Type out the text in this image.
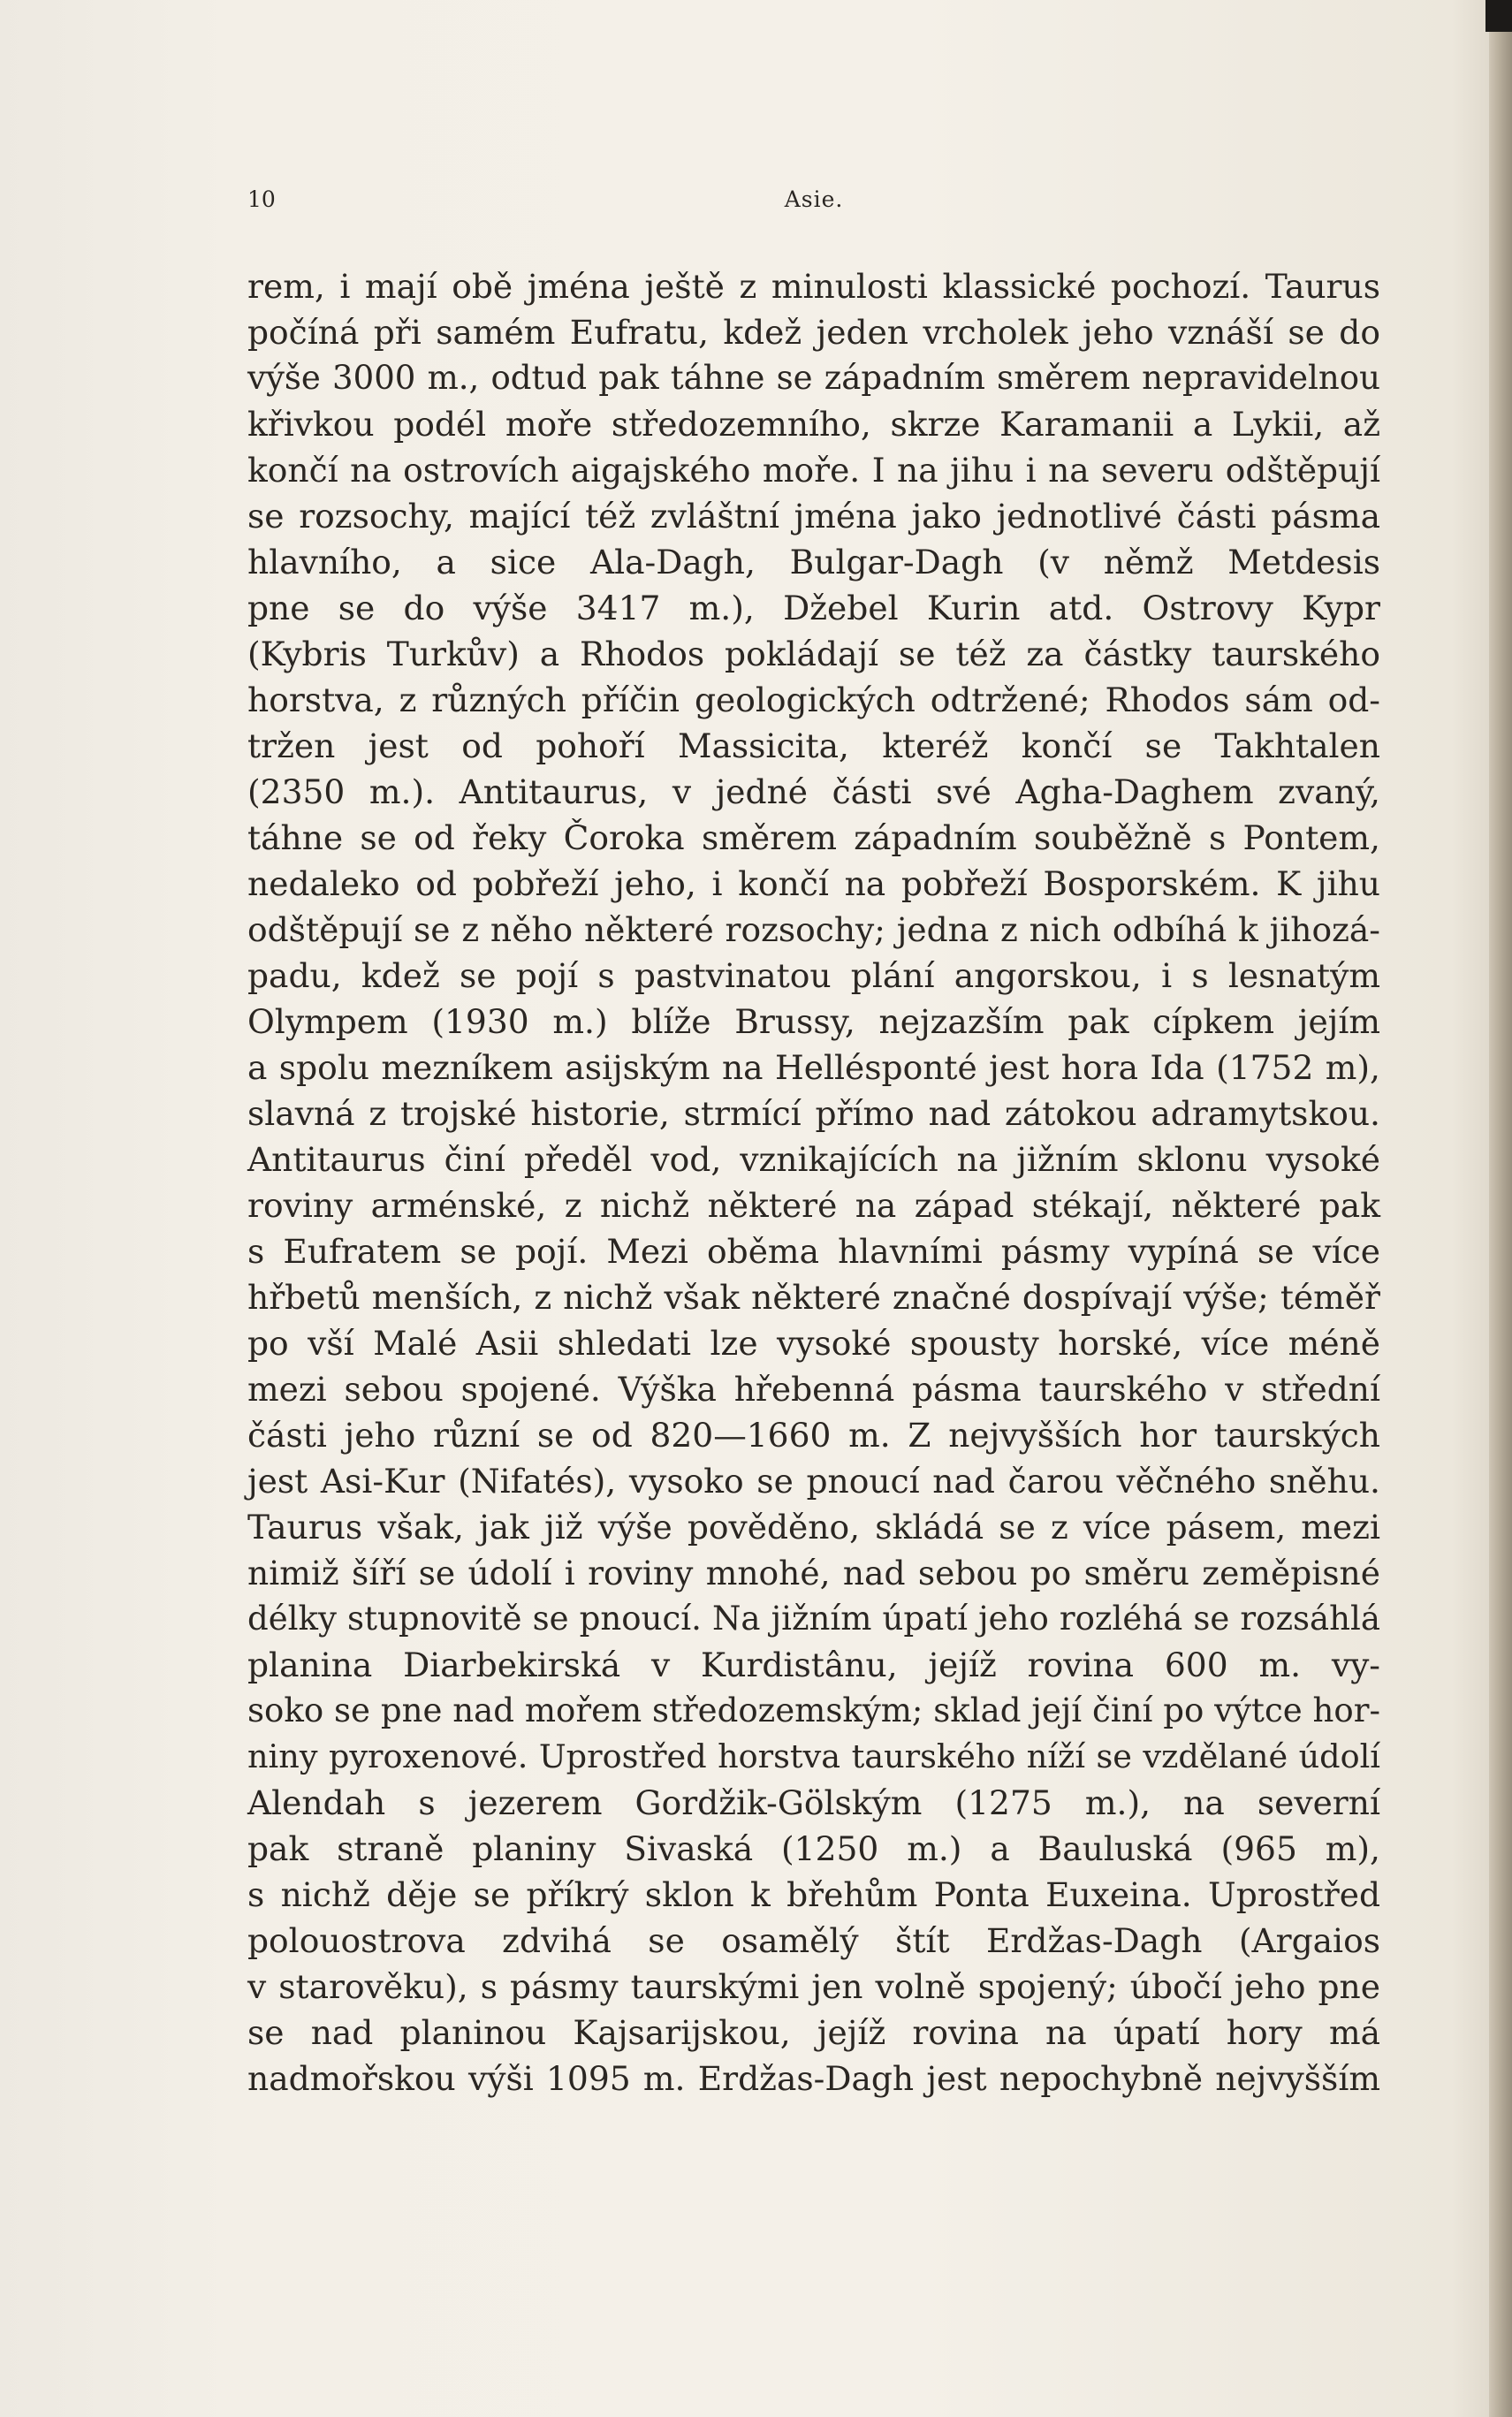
10	Asie.
rem, i mají obě jména ještě z minulosti klassické pochozí. Taurus
počíná při samém Eufratu, kdež jeden vrcholek jeho vznáší se do
výše 3000 m., odtud pak táhne se západním směrem nepravidelnou
křivkou podél moře středozemního, skrze Karamanii a Lykii, až
končí na ostrovích aigajského moře. I na jihu i na severu odštěpují
se rozsochy, mající též zvláštní jména jako jednotlivé části pásma
hlavního, a sice Ala-Dagh, Bulgar-Dagh (v němž Metdesis
pne se do výše 3417 m.), Džebel Kurin atd. Ostrovy Kypr
(Kybris Turkův) a Rhodos pokládají se též za částky taurského
horstva, z různých příčin geologických odtržené; Rhodos sám od-
tržen jest od pohoří Massicita, kteréž končí se Takhtalen
(2350 m.). Antitaurus, v jedné části své Agha-Daghem zvaný,
táhne se od řeky Čoroka směrem západním souběžně s Pontem,
nedaleko od pobřeží jeho, i končí na pobřeží Bosporském. K jihu
odštěpují se z něho některé rozsochy; jedna z nich odbíhá k jihozá-
padu, kdež se pojí s pastvinatou plání angorskou, i s lesnatým
Olympem (1930 m.) blíže Brussy, nejzazším pak cípkem jejím
a spolu mezníkem asijským na Hellésponté jest hora Ida (1752 m),
slavná z trojské historie, strmící přímo nad zátokou adramytskou.
Antitaurus činí předěl vod, vznikajících na jižním sklonu vysoké
roviny arménské, z nichž některé na západ stékají, některé pak
s Eufratem se pojí. Mezi oběma hlavními pásmy vypíná se více
hřbetů menších, z nichž však některé značné dospívají výše; téměř
po vší Malé Asii shledati lze vysoké spousty horské, více méně
mezi sebou spojené. Výška hřebenná pásma taurského v střední
části jeho různí se od 820—1660 m. Z nejvyšších hor taurských
jest Asi-Kur (Nifatés), vysoko se pnoucí nad čarou věčného sněhu.
Taurus však, jak již výše pověděno, skládá se z více pásem, mezi
nimiž šíří se údolí i roviny mnohé, nad sebou po směru zeměpisné
délky stupnovitě se pnoucí. Na jižním úpatí jeho rozléhá se rozsáhlá
planina Diarbekirská v Kurdistânu, jejíž rovina 600 m. vy-
soko se pne nad mořem středozemským; sklad její činí po výtce hor-
niny pyroxenové. Uprostřed horstva taurského níží se vzdělané údolí
Alendah s jezerem Gordžik-Gölským (1275 m.), na severní
pak straně planiny Sivaská (1250 m.) a Bauluská (965 m),
s nichž děje se příkrý sklon k břehům Ponta Euxeina. Uprostřed
polouostrova zdvihá se osamělý štít Erdžas-Dagh (Argaios
v starověku), s pásmy taurskými jen volně spojený; úbočí jeho pne
se nad planinou Kajsarijskou, jejíž rovina na úpatí hory má
nadmořskou výši 1095 m. Erdžas-Dagh jest nepochybně nejvyšším
